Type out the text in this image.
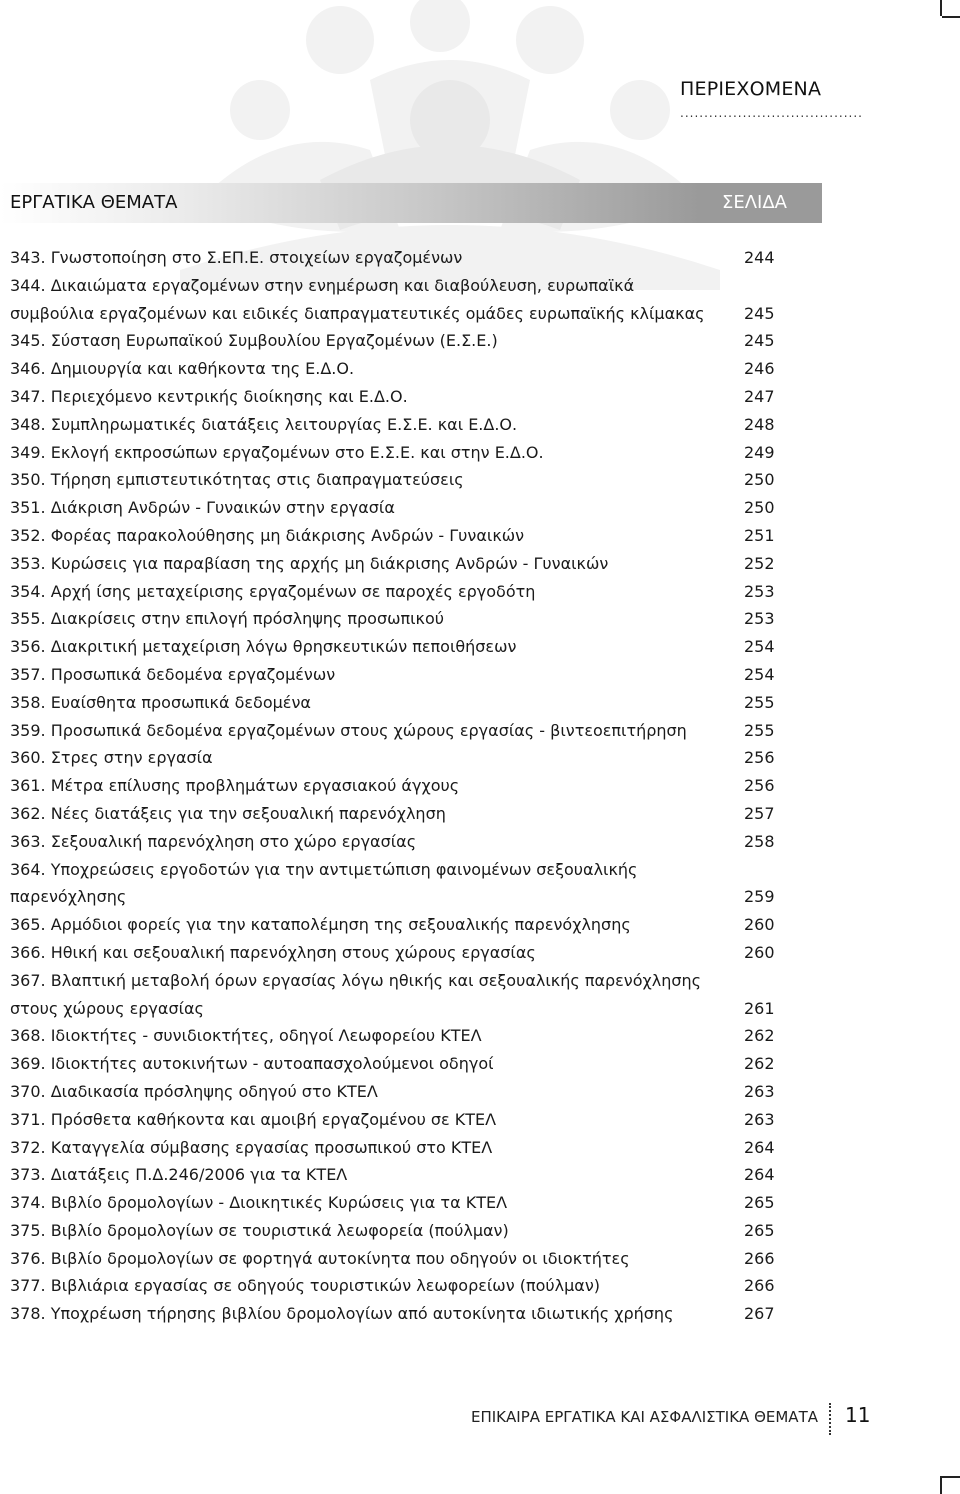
ΠΕΡΙΕΧΟΜΕΝΑ
......................................
ΕΡΓΑΤΙΚΑ ΘΕΜΑΤΑ	ΣΕΛΙΔΑ
343. Γνωστοποίηση στο Σ.ΕΠ.Ε. στοιχείων εργαζομένων	244
344. Δικαιώματα εργαζομένων στην ενημέρωση και διαβούλευση, ευρωπαϊκά
συμβούλια εργαζομένων και ειδικές διαπραγματευτικές ομάδες ευρωπαϊκής κλίμακας	245
345. Σύσταση Ευρωπαϊκού Συμβουλίου Εργαζομένων (Ε.Σ.Ε.)	245
346. Δημιουργία και καθήκοντα της Ε.Δ.Ο.	246
347. Περιεχόμενο κεντρικής διοίκησης και Ε.Δ.Ο.	247
348. Συμπληρωματικές διατάξεις λειτουργίας Ε.Σ.Ε. και Ε.Δ.Ο.	248
349. Εκλογή εκπροσώπων εργαζομένων στο Ε.Σ.Ε. και στην Ε.Δ.Ο.	249
350. Τήρηση εμπιστευτικότητας στις διαπραγματεύσεις	250
351. Διάκριση Ανδρών - Γυναικών στην εργασία	250
352. Φορέας παρακολούθησης μη διάκρισης Ανδρών - Γυναικών	251
353. Κυρώσεις για παραβίαση της αρχής μη διάκρισης Ανδρών - Γυναικών	252
354. Αρχή ίσης μεταχείρισης εργαζομένων σε παροχές εργοδότη	253
355. Διακρίσεις στην επιλογή πρόσληψης προσωπικού	253
356. Διακριτική μεταχείριση λόγω θρησκευτικών πεποιθήσεων	254
357. Προσωπικά δεδομένα εργαζομένων	254
358. Ευαίσθητα προσωπικά δεδομένα	255
359. Προσωπικά δεδομένα εργαζομένων στους χώρους εργασίας - βιντεοεπιτήρηση	255
360. Στρες στην εργασία	256
361. Μέτρα επίλυσης προβλημάτων εργασιακού άγχους	256
362. Νέες διατάξεις για την σεξουαλική παρενόχληση	257
363. Σεξουαλική παρενόχληση στο χώρο εργασίας	258
364. Υποχρεώσεις εργοδοτών για την αντιμετώπιση φαινομένων σεξουαλικής
παρενόχλησης	259
365. Αρμόδιοι φορείς για την καταπολέμηση της σεξουαλικής παρενόχλησης	260
366. Ηθική και σεξουαλική παρενόχληση στους χώρους εργασίας	260
367. Βλαπτική μεταβολή όρων εργασίας λόγω ηθικής και σεξουαλικής παρενόχλησης
στους χώρους εργασίας	261
368. Ιδιοκτήτες - συνιδιοκτήτες, οδηγοί Λεωφορείου ΚΤΕΛ	262
369. Ιδιοκτήτες αυτοκινήτων - αυτοαπασχολούμενοι οδηγοί	262
370. Διαδικασία πρόσληψης οδηγού στο ΚΤΕΛ	263
371. Πρόσθετα καθήκοντα και αμοιβή εργαζομένου σε ΚΤΕΛ	263
372. Καταγγελία σύμβασης εργασίας προσωπικού στο ΚΤΕΛ	264
373. Διατάξεις Π.Δ.246/2006 για τα ΚΤΕΛ	264
374. Βιβλίο δρομολογίων - Διοικητικές Κυρώσεις για τα ΚΤΕΛ	265
375. Βιβλίο δρομολογίων σε τουριστικά λεωφορεία (πούλμαν)	265
376. Βιβλίο δρομολογίων σε φορτηγά αυτοκίνητα που οδηγούν οι ιδιοκτήτες	266
377. Βιβλιάρια εργασίας σε οδηγούς τουριστικών λεωφορείων (πούλμαν)	266
378. Υποχρέωση τήρησης βιβλίου δρομολογίων από αυτοκίνητα ιδιωτικής χρήσης	267
ΕΠΙΚΑΙΡΑ ΕΡΓΑΤΙΚΑ ΚΑΙ ΑΣΦΑΛΙΣΤΙΚΑ ΘΕΜΑΤΑ 11
